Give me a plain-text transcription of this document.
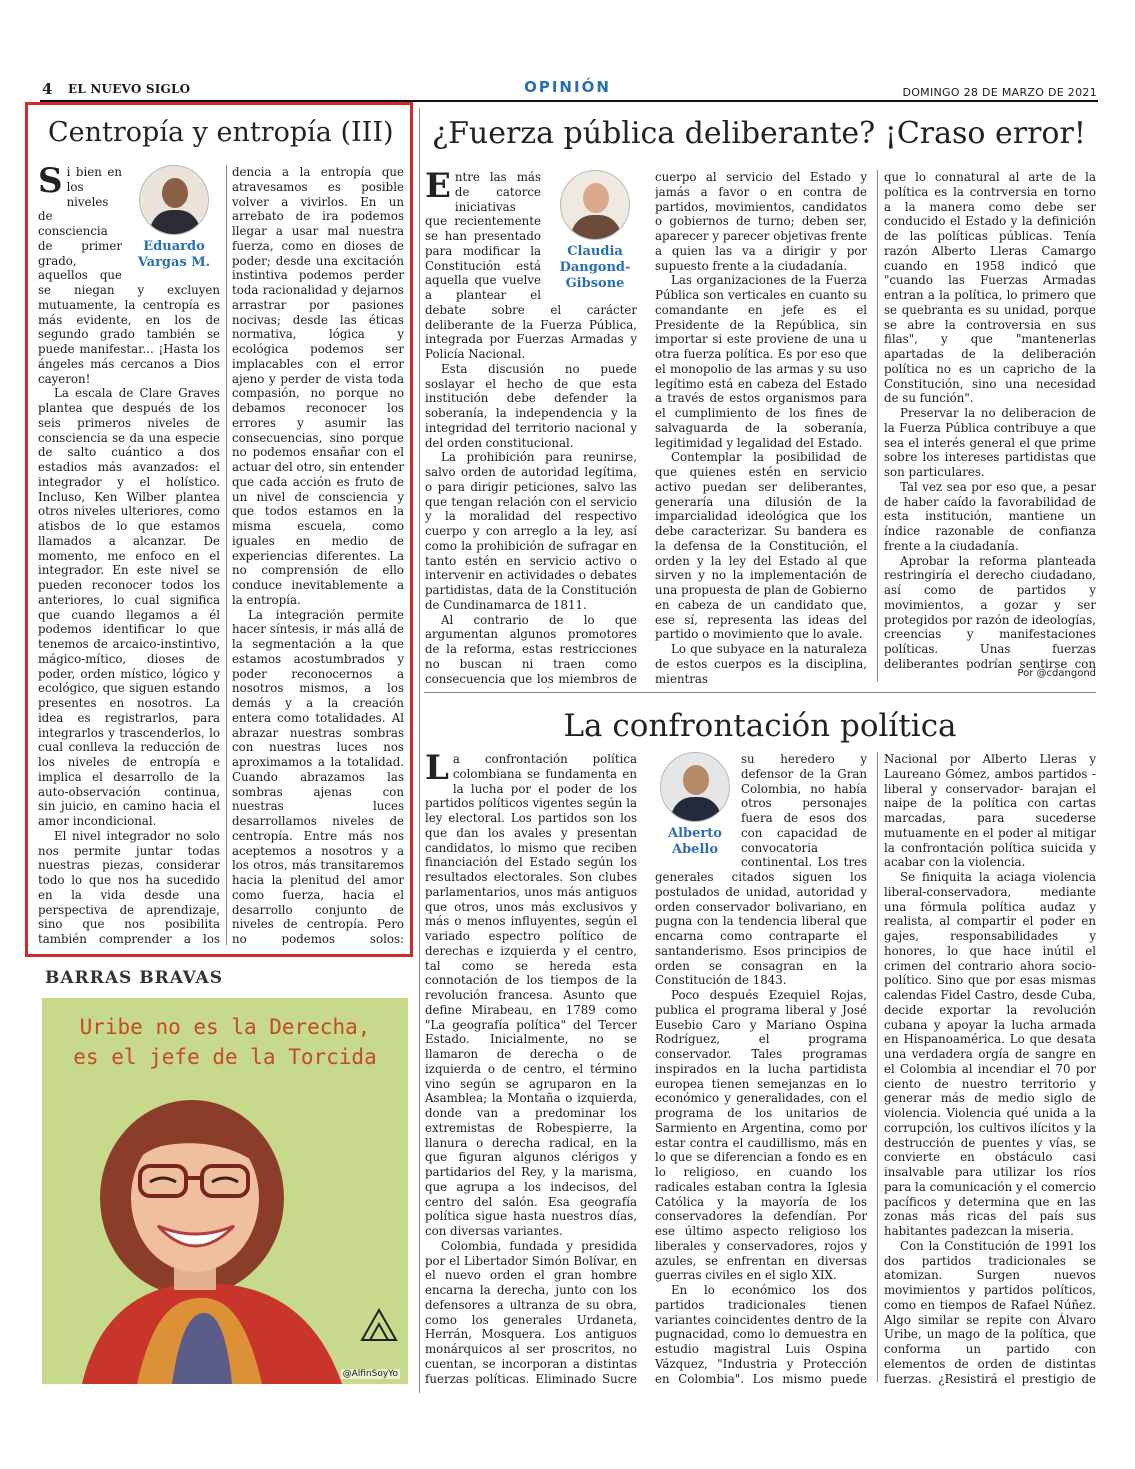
4 EL NUEVO SIGLO	OPINIÓN	DOMINGO 28 DE MARZO DE 2021
Centropía y entropía (III)
Eduardo Vargas M.

Si bien en los niveles de consciencia de primer grado, aquellos que se niegan y excluyen mutuamente, la centropía es más evidente, en los de segundo grado también se puede manifestar... ¡Hasta los ángeles más cercanos a Dios cayeron!

La escala de Clare Graves plantea que después de los seis primeros niveles de consciencia se da una especie de salto cuántico a dos estadios más avanzados: el integrador y el holístico. Incluso, Ken Wilber plantea otros niveles ulteriores, como atisbos de lo que estamos llamados a alcanzar. De momento, me enfoco en el integrador. En este nivel se pueden reconocer todos los anteriores, lo cual significa que cuando llegamos a él podemos identificar lo que tenemos de arcaico-instintivo, mágico-mítico, dioses de poder, orden místico, lógico y ecológico, que siguen estando presentes en nosotros. La idea es registrarlos, para integrarlos y trascenderlos, lo cual conlleva la reducción de los niveles de entropía e implica el desarrollo de la auto-observación continua, sin juicio, en camino hacia el amor incondicional.

El nivel integrador no solo nos permite juntar todas nuestras piezas, considerar todo lo que nos ha sucedido en la vida desde una perspectiva de aprendizaje, sino que nos posibilita también comprender a los

dencia a la entropía que atravesamos es posible volver a vivirlos. En un arrebato de ira podemos llegar a usar mal nuestra fuerza, como en dioses de poder; desde una excitación instintiva podemos perder toda racionalidad y dejarnos arrastrar por pasiones nocivas; desde las éticas normativa, lógica y ecológica podemos ser implacables con el error ajeno y perder de vista toda compasión, no porque no debamos reconocer los errores y asumir las consecuencias, sino porque no podemos ensañar con el actuar del otro, sin entender que cada acción es fruto de un nivel de consciencia y que todos estamos en la misma escuela, como iguales en medio de experiencias diferentes. La no comprensión de ello conduce inevitablemente a la entropía.

La integración permite hacer síntesis, ir más allá de la segmentación a la que estamos acostumbrados y poder reconocernos a nosotros mismos, a los demás y a la creación entera como totalidades. Al abrazar nuestras sombras con nuestras luces nos aproximamos a la totalidad. Cuando abrazamos las sombras ajenas con nuestras luces desarrollamos niveles de centropía. Entre más nos aceptemos a nosotros y a los otros, más transitaremos hacia la plenitud del amor como fuerza, hacia el desarrollo conjunto de niveles de centropía. Pero no podemos solos:

¿Fuerza pública deliberante? ¡Craso error!
Claudia Dangond-Gibsone

Entre las más de catorce iniciativas que recientemente se han presentado para modificar la Constitución está aquella que vuelve a plantear el debate sobre el carácter deliberante de la Fuerza Pública, integrada por Fuerzas Armadas y Policía Nacional.

Esta discusión no puede soslayar el hecho de que esta institución debe defender la soberanía, la independencia y la integridad del territorio nacional y del orden constitucional.

La prohibición para reunirse, salvo orden de autoridad legítima, o para dirigir peticiones, salvo las que tengan relación con el servicio y la moralidad del respectivo cuerpo y con arreglo a la ley, así como la prohibición de sufragar en tanto estén en servicio activo o intervenir en actividades o debates partidistas, data de la Constitución de Cundinamarca de 1811.

Al contrario de lo que argumentan algunos promotores de la reforma, estas restricciones no buscan ni traen como consecuencia que los miembros de

cuerpo al servicio del Estado y jamás a favor o en contra de partidos, movimientos, candidatos o gobiernos de turno; deben ser, aparecer y parecer objetivas frente a quien las va a dirigir y por supuesto frente a la ciudadanía.

Las organizaciones de la Fuerza Pública son verticales en cuanto su comandante en jefe es el Presidente de la República, sin importar si este proviene de una u otra fuerza política. Es por eso que el monopolio de las armas y su uso legítimo está en cabeza del Estado a través de estos organismos para el cumplimiento de los fines de salvaguarda de la soberanía, legitimidad y legalidad del Estado.

Contemplar la posibilidad de que quienes estén en servicio activo puedan ser deliberantes, generaría una dilusión de la imparcialidad ideológica que los debe caracterizar. Su bandera es la defensa de la Constitución, el orden y la ley del Estado al que sirven y no la implementación de una propuesta de plan de Gobierno en cabeza de un candidato que, ese sí, representa las ideas del partido o movimiento que lo avale.

Lo que subyace en la naturaleza de estos cuerpos es la disciplina, mientras

que lo connatural al arte de la política es la contrversia en torno a la manera como debe ser conducido el Estado y la definición de las políticas públicas. Tenía razón Alberto Lleras Camargo cuando en 1958 indicó que "cuando las Fuerzas Armadas entran a la política, lo primero que se quebranta es su unidad, porque se abre la controversia en sus filas", y que "mantenerlas apartadas de la deliberación política no es un capricho de la Constitución, sino una necesidad de su función".

Preservar la no deliberacion de la Fuerza Pública contribuye a que sea el interés general el que prime sobre los intereses partidistas que son particulares.

Tal vez sea por eso que, a pesar de haber caído la favorabilidad de esta institución, mantiene un índice razonable de confianza frente a la ciudadanía.

Aprobar la reforma planteada restringiría el derecho ciudadano, así como de partidos y movimientos, a gozar y ser protegidos por razón de ideologías, creencias y manifestaciones políticas. Unas fuerzas deliberantes podrían sentirse con

Por @cdangond
La confrontación política

La confrontación política colombiana se fundamenta en la lucha por el poder de los partidos políticos vigentes según la ley electoral. Los partidos son los que dan los avales y presentan candidatos, lo mismo que reciben financiación del Estado según los resultados electorales. Son clubes parlamentarios, unos más antiguos que otros, unos más exclusivos y más o menos influyentes, según el variado espectro político de derechas e izquierda y el centro, tal como se hereda esta connotación de los tiempos de la revolución francesa. Asunto que define Mirabeau, en 1789 como "La geografía política" del Tercer Estado. Inicialmente, no se llamaron de derecha o de izquierda o de centro, el término vino según se agruparon en la Asamblea; la Montaña o izquierda, donde van a predominar los extremistas de Robespierre, la llanura o derecha radical, en la que figuran algunos clérigos y partidarios del Rey, y la marisma, que agrupa a los indecisos, del centro del salón. Esa geografía política sigue hasta nuestros días, con diversas variantes.

Colombia, fundada y presidida por el Libertador Simón Bolívar, en el nuevo orden el gran hombre encarna la derecha, junto con los defensores a ultranza de su obra, como los generales Urdaneta, Herrán, Mosquera. Los antiguos monárquicos al ser proscritos, no cuentan, se incorporan a distintas fuerzas políticas. Eliminado Sucre

Alberto Abello

su heredero y defensor de la Gran Colombia, no había otros personajes fuera de esos dos con capacidad de convocatoria continental. Los tres generales citados siguen los postulados de unidad, autoridad y orden conservador bolivariano, en pugna con la tendencia liberal que encarna como contraparte el santanderismo. Esos principios de orden se consagran en la Constitución de 1843.

Poco después Ezequiel Rojas, publica el programa liberal y José Eusebio Caro y Mariano Ospina Rodríguez, el programa conservador. Tales programas inspirados en la lucha partidista europea tienen semejanzas en lo económico y generalidades, con el programa de los unitarios de Sarmiento en Argentina, como por estar contra el caudillismo, más en lo que se diferencian a fondo es en lo religioso, en cuando los radicales estaban contra la Iglesia Católica y la mayoría de los conservadores la defendían. Por ese último aspecto religioso los liberales y conservadores, rojos y azules, se enfrentan en diversas guerras civiles en el siglo XIX.

En lo económico los dos partidos tradicionales tienen variantes coincidentes dentro de la pugnacidad, como lo demuestra en estudio magistral Luis Ospina Vázquez, "Industria y Protección en Colombia". Los mismo puede

Nacional por Alberto Lleras y Laureano Gómez, ambos partidos -liberal y conservador- barajan el naipe de la política con cartas marcadas, para sucederse mutuamente en el poder al mitigar la confrontación política suicida y acabar con la violencia.

Se finiquita la aciaga violencia liberal-conservadora, mediante una fórmula política audaz y realista, al compartir el poder en gajes, responsabilidades y honores, lo que hace inútil el crimen del contrario ahora socio-político. Sino que por esas mismas calendas Fidel Castro, desde Cuba, decide exportar la revolución cubana y apoyar la lucha armada en Hispanoamérica. Lo que desata una verdadera orgía de sangre en el Colombia al incendiar el 70 por ciento de nuestro territorio y generar más de medio siglo de violencia. Violencia qué unida a la corrupción, los cultivos ilícitos y la destrucción de puentes y vías, se convierte en obstáculo casi insalvable para utilizar los ríos para la comunicación y el comercio pacíficos y determina que en las zonas más ricas del país sus habitantes padezcan la miseria.

Con la Constitución de 1991 los dos partidos tradicionales se atomizan. Surgen nuevos movimientos y partidos políticos, como en tiempos de Rafael Núñez. Algo similar se repite con Álvaro Uribe, un mago de la política, que conforma un partido con elementos de orden de distintas fuerzas. ¿Resistirá el prestigio de

BARRAS BRAVAS
Uribe no es la Derecha,
es el jefe de la Torcida
@AlfinSoyYo
